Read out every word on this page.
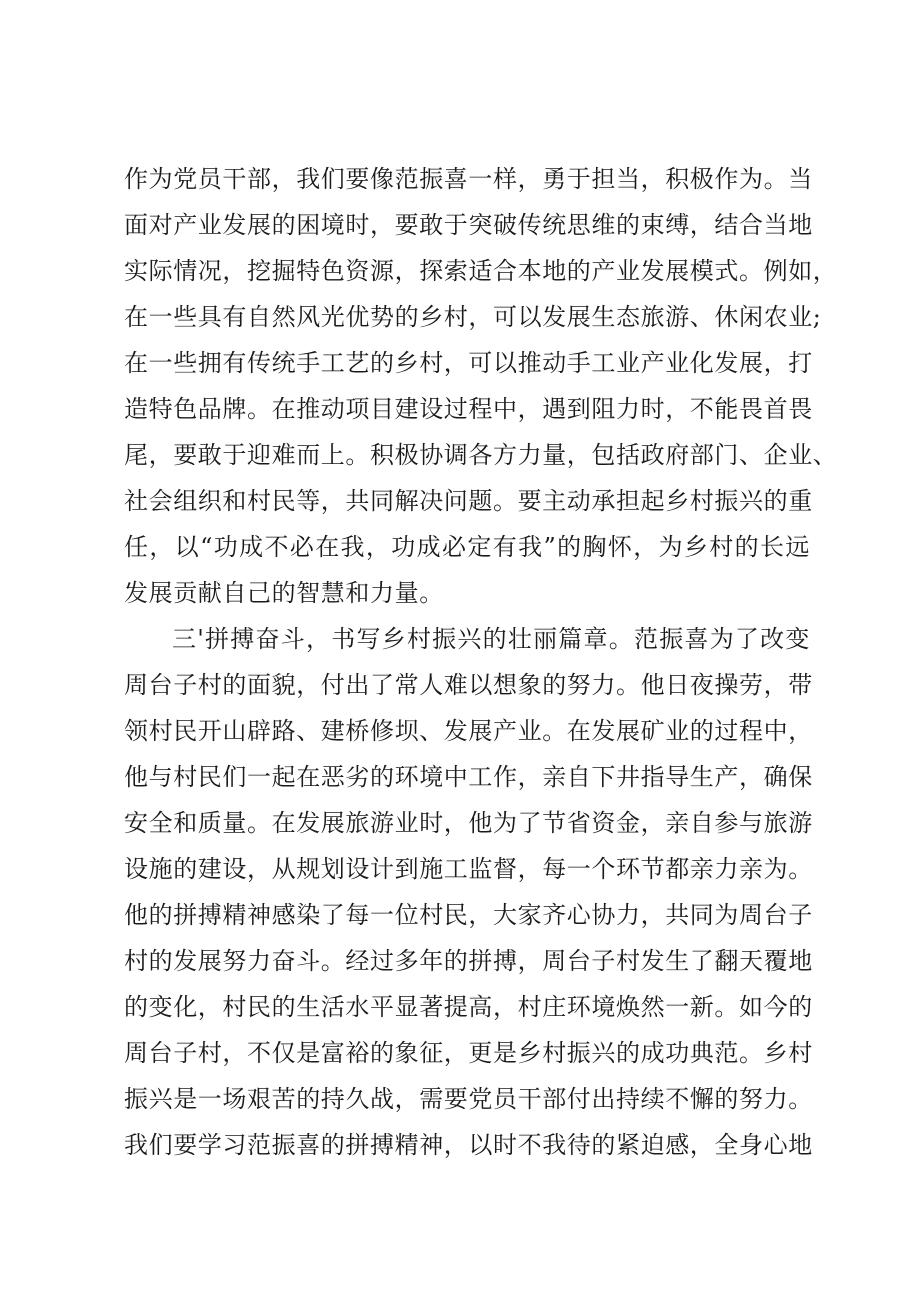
作为党员干部，我们要像范振喜一样，勇于担当，积极作为。当
面对产业发展的困境时，要敢于突破传统思维的束缚，结合当地
实际情况，挖掘特色资源，探索适合本地的产业发展模式。例如，
在一些具有自然风光优势的乡村，可以发展生态旅游、休闲农业;
在一些拥有传统手工艺的乡村，可以推动手工业产业化发展，打
造特色品牌。在推动项目建设过程中，遇到阻力时，不能畏首畏
尾，要敢于迎难而上。积极协调各方力量，包括政府部门、企业、
社会组织和村民等，共同解决问题。要主动承担起乡村振兴的重
任，以“功成不必在我，功成必定有我”的胸怀，为乡村的长远
发展贡献自己的智慧和力量。
三'拼搏奋斗，书写乡村振兴的壮丽篇章。范振喜为了改变
周台子村的面貌，付出了常人难以想象的努力。他日夜操劳，带
领村民开山辟路、建桥修坝、发展产业。在发展矿业的过程中，
他与村民们一起在恶劣的环境中工作，亲自下井指导生产，确保
安全和质量。在发展旅游业时，他为了节省资金，亲自参与旅游
设施的建设，从规划设计到施工监督，每一个环节都亲力亲为。
他的拼搏精神感染了每一位村民，大家齐心协力，共同为周台子
村的发展努力奋斗。经过多年的拼搏，周台子村发生了翻天覆地
的变化，村民的生活水平显著提高，村庄环境焕然一新。如今的
周台子村，不仅是富裕的象征，更是乡村振兴的成功典范。乡村
振兴是一场艰苦的持久战，需要党员干部付出持续不懈的努力。
我们要学习范振喜的拼搏精神，以时不我待的紧迫感，全身心地
